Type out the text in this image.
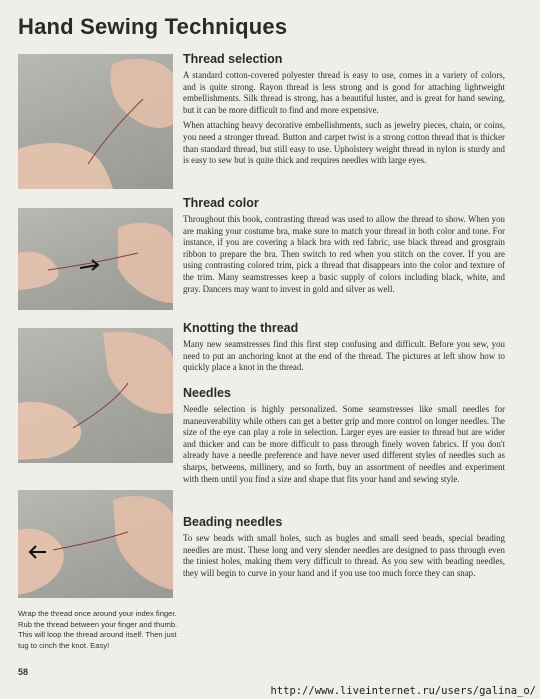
Hand Sewing Techniques
Thread selection

A standard cotton-covered polyester thread is easy to use, comes in a variety of colors, and is quite strong. Rayon thread is less strong and is good for attaching lightweight embellishments. Silk thread is strong, has a beautiful luster, and is great for hand sewing, but it can be more difficult to find and more expensive.

When attaching heavy decorative embellishments, such as jewelry pieces, chain, or coins, you need a stronger thread. Button and carpet twist is a strong cotton thread that is thicker than standard thread, but still easy to use. Upholstery weight thread in nylon is sturdy and is easy to sew but is quite thick and requires needles with large eyes.

Thread color

Throughout this book, contrasting thread was used to allow the thread to show. When you are making your costume bra, make sure to match your thread in both color and tone. For instance, if you are covering a black bra with red fabric, use black thread and grosgrain ribbon to prepare the bra. Then switch to red when you stitch on the cover. If you are using contrasting colored trim, pick a thread that disappears into the color and texture of the trim. Many seamstresses keep a basic supply of colors including black, white, and gray. Dancers may want to invest in gold and silver as well.

Knotting the thread

Many new seamstresses find this first step confusing and difficult. Before you sew, you need to put an anchoring knot at the end of the thread. The pictures at left show how to quickly place a knot in the thread.

Needles

Needle selection is highly personalized. Some seamstresses like small needles for maneuverability while others can get a better grip and more control on longer needles. The size of the eye can play a role in selection. Larger eyes are easier to thread but are wider and thicker and can be more difficult to pass through finely woven fabrics. If you don't already have a needle preference and have never used different styles of needles such as sharps, betweens, millinery, and so forth, buy an assortment of needles and experiment with them until you find a size and shape that fits your hand and sewing style.

Beading needles

To sew beads with small holes, such as bugles and small seed beads, special beading needles are must. These long and very slender needles are designed to pass through even the tiniest holes, making them very difficult to thread. As you sew with beading needles, they will begin to curve in your hand and if you use too much force they can snap.

Wrap the thread once around your index finger. Rub the thread between your finger and thumb. This will loop the thread around itself. Then just tug to cinch the knot. Easy!
58
http://www.liveinternet.ru/users/galina_o/
